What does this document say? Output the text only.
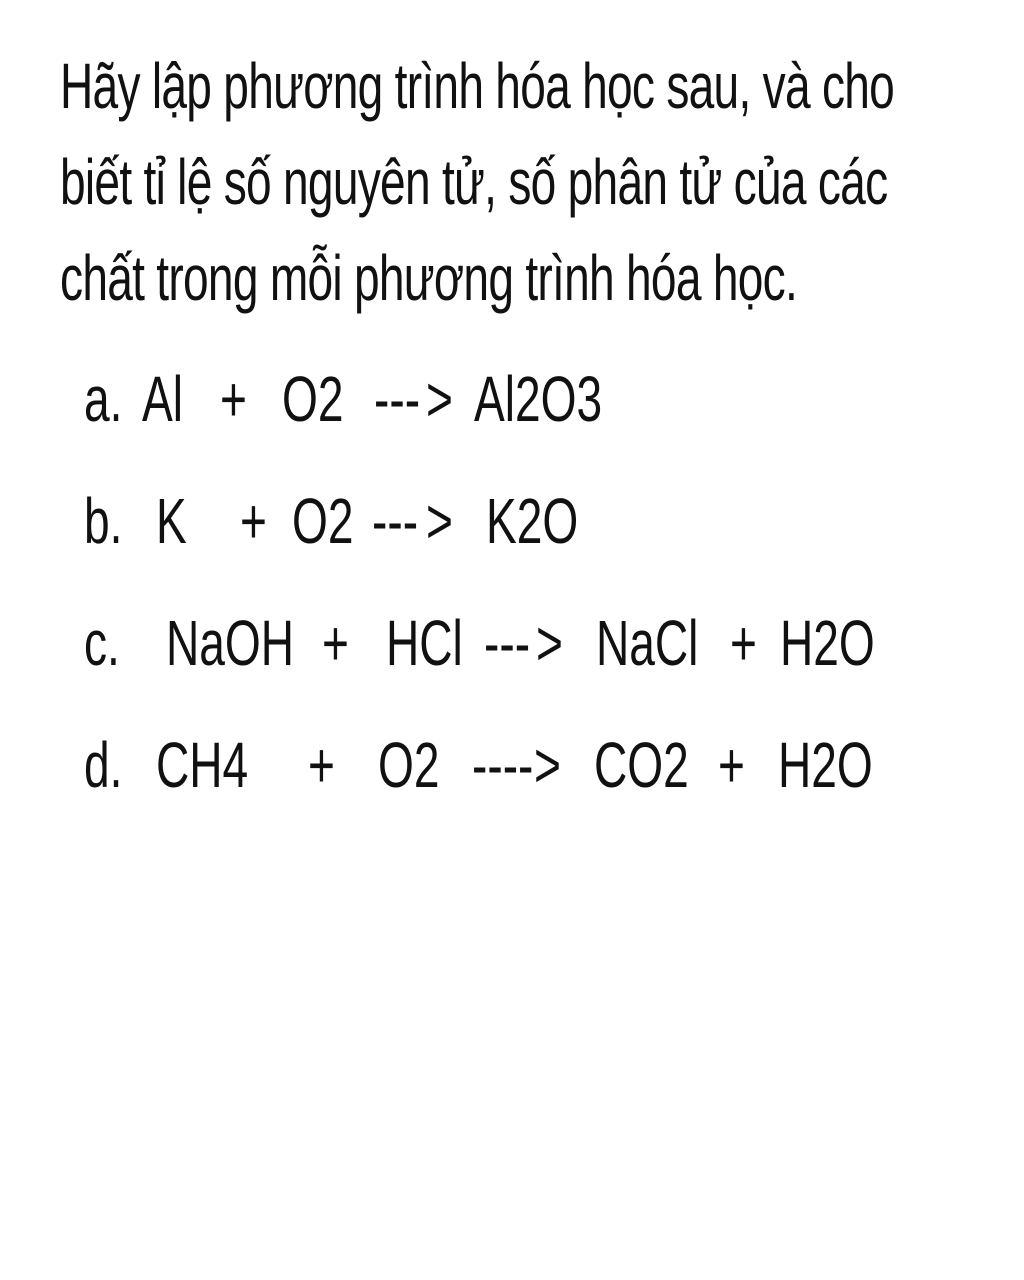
Hãy lập phương trình hóa học sau, và cho
biết tỉ lệ số nguyên tử, số phân tử của các
chất trong mỗi phương trình hóa học.
a. Al + O2 --- > Al2O3
b. K + O2 --- > K2O
c. NaOH + HCl --- > NaCl + H2O
d. CH4 + O2 ---- > CO2 + H2O
